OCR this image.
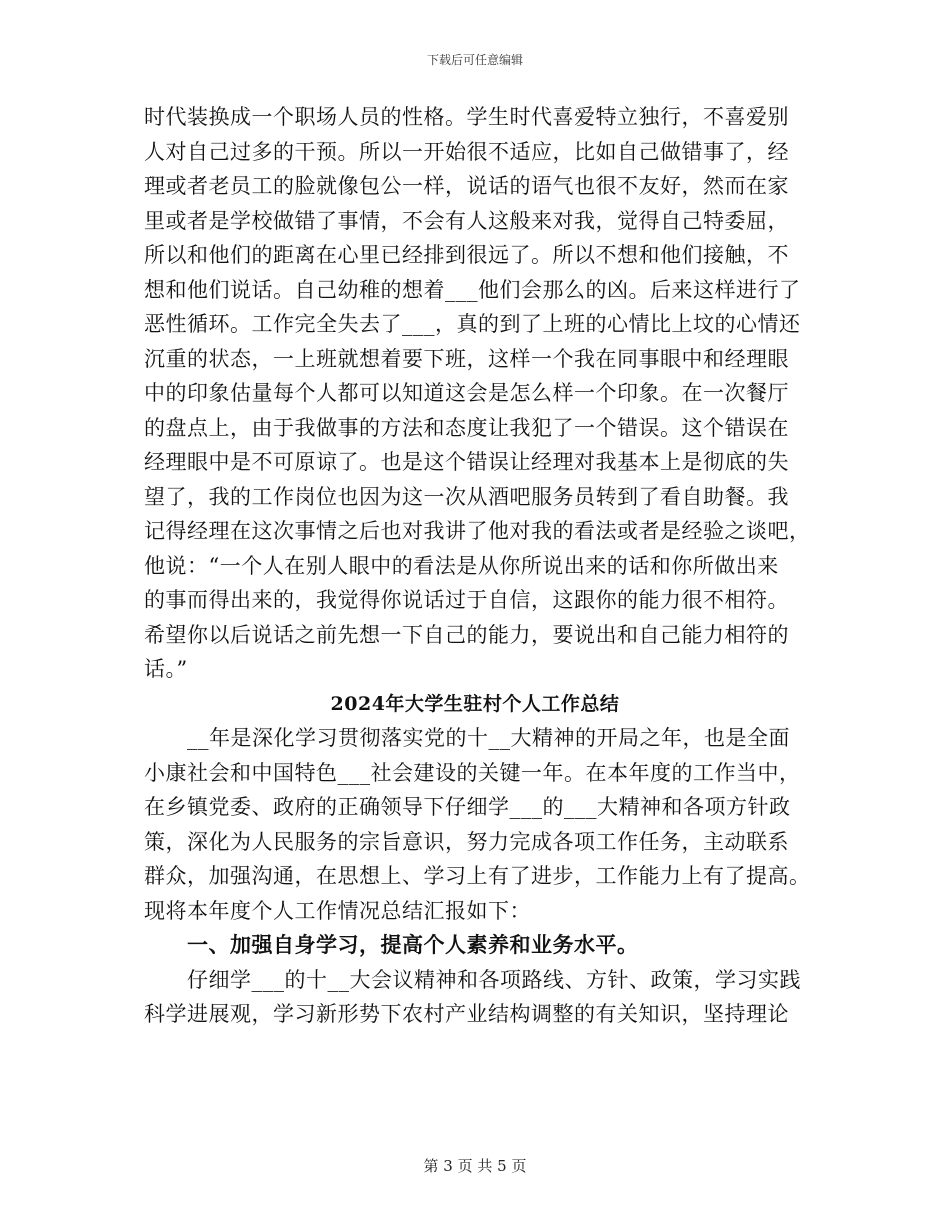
下载后可任意编辑
时代装换成一个职场人员的性格。学生时代喜爱特立独行，不喜爱别
人对自己过多的干预。所以一开始很不适应，比如自己做错事了，经
理或者老员工的脸就像包公一样，说话的语气也很不友好，然而在家
里或者是学校做错了事情，不会有人这般来对我，觉得自己特委屈，
所以和他们的距离在心里已经排到很远了。所以不想和他们接触，不
想和他们说话。自己幼稚的想着___他们会那么的凶。后来这样进行了
恶性循环。工作完全失去了___，真的到了上班的心情比上坟的心情还
沉重的状态，一上班就想着要下班，这样一个我在同事眼中和经理眼
中的印象估量每个人都可以知道这会是怎么样一个印象。在一次餐厅
的盘点上，由于我做事的方法和态度让我犯了一个错误。这个错误在
经理眼中是不可原谅了。也是这个错误让经理对我基本上是彻底的失
望了，我的工作岗位也因为这一次从酒吧服务员转到了看自助餐。我
记得经理在这次事情之后也对我讲了他对我的看法或者是经验之谈吧，
他说：“一个人在别人眼中的看法是从你所说出来的话和你所做出来
的事而得出来的，我觉得你说话过于自信，这跟你的能力很不相符。
希望你以后说话之前先想一下自己的能力，要说出和自己能力相符的
话。”
2024年大学生驻村个人工作总结
　　__年是深化学习贯彻落实党的十__大精神的开局之年，也是全面
小康社会和中国特色___社会建设的关键一年。在本年度的工作当中，
在乡镇党委、政府的正确领导下仔细学___的___大精神和各项方针政
策，深化为人民服务的宗旨意识，努力完成各项工作任务，主动联系
群众，加强沟通，在思想上、学习上有了进步，工作能力上有了提高。
现将本年度个人工作情况总结汇报如下：
　　一、加强自身学习，提高个人素养和业务水平。
　　仔细学___的十__大会议精神和各项路线、方针、政策，学习实践
科学进展观，学习新形势下农村产业结构调整的有关知识，坚持理论
第 3 页 共 5 页
